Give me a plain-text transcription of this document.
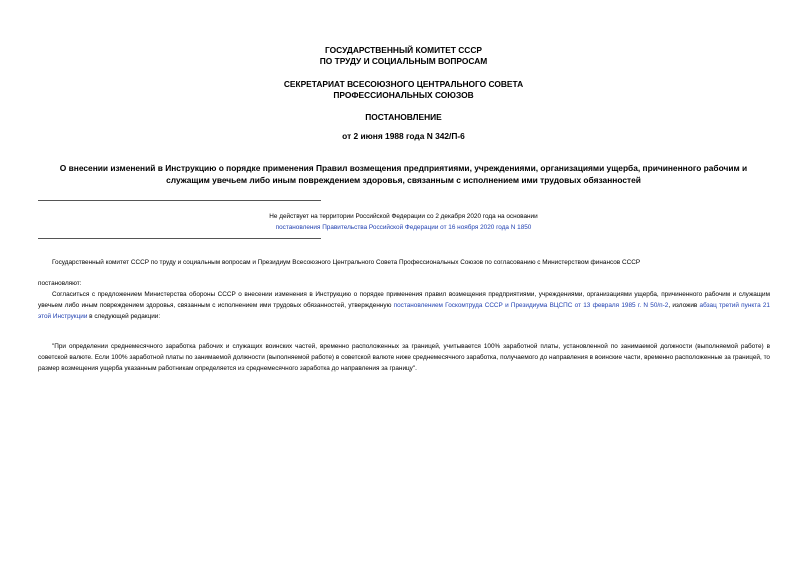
ГОСУДАРСТВЕННЫЙ КОМИТЕТ СССР
ПО ТРУДУ И СОЦИАЛЬНЫМ ВОПРОСАМ
СЕКРЕТАРИАТ ВСЕСОЮЗНОГО ЦЕНТРАЛЬНОГО СОВЕТА
ПРОФЕССИОНАЛЬНЫХ СОЮЗОВ
ПОСТАНОВЛЕНИЕ
от 2 июня 1988 года N 342/П-6
О внесении изменений в Инструкцию о порядке применения Правил возмещения предприятиями, учреждениями, организациями ущерба, причиненного рабочим и служащим увечьем либо иным повреждением здоровья, связанным с исполнением ими трудовых обязанностей
Не действует на территории Российской Федерации со 2 декабря 2020 года на основании
постановления Правительства Российской Федерации от 16 ноября 2020 года N 1850
Государственный комитет СССР по труду и социальным вопросам и Президиум Всесоюзного Центрального Совета Профессиональных Союзов по согласованию с Министерством финансов СССР
постановляют:
Согласиться с предложением Министерства обороны СССР о внесении изменения в Инструкцию о порядке применения правил возмещения предприятиями, учреждениями, организациями ущерба, причиненного рабочим и служащим увечьем либо иным повреждением здоровья, связанным с исполнением ими трудовых обязанностей, утвержденную постановлением Госкомтруда СССР и Президиума ВЦСПС от 13 февраля 1985 г. N 50/п-2, изложив абзац третий пункта 21 этой Инструкции в следующей редакции:
"При определении среднемесячного заработка рабочих и служащих воинских частей, временно расположенных за границей, учитывается 100% заработной платы, установленной по занимаемой должности (выполняемой работе) в советской валюте. Если 100% заработной платы по занимаемой должности (выполняемой работе) в советской валюте ниже среднемесячного заработка, получаемого до направления в воинские части, временно расположенные за границей, то размер возмещения ущерба указанным работникам определяется из среднемесячного заработка до направления за границу".
